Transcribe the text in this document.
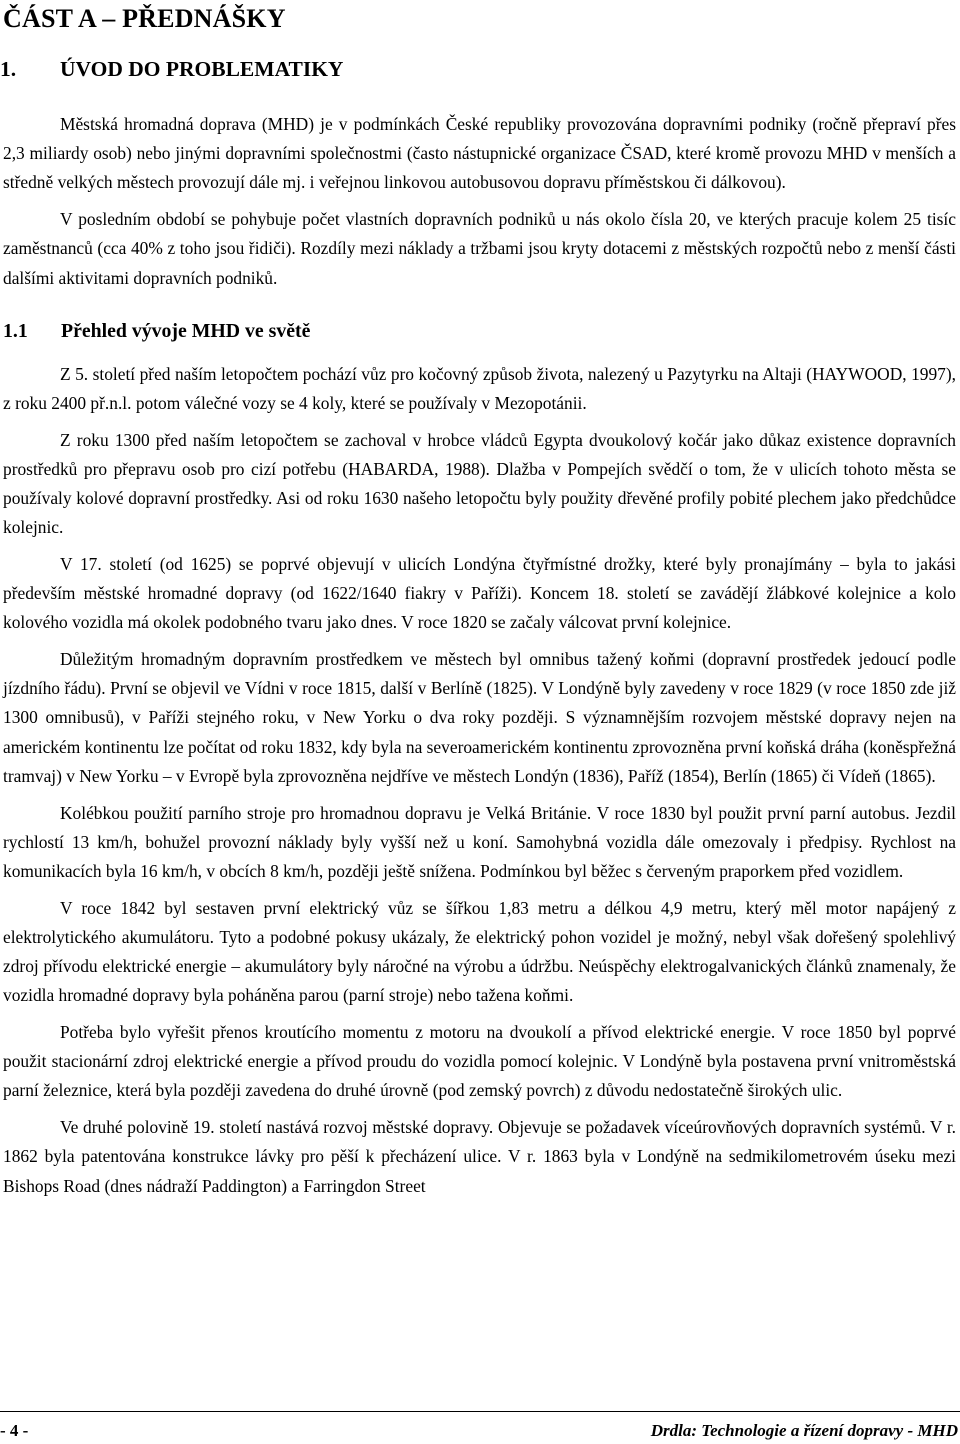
ČÁST A – PŘEDNÁŠKY
1. ÚVOD DO PROBLEMATIKY

Městská hromadná doprava (MHD) je v podmínkách České republiky provozována dopravními podniky (ročně přepraví přes 2,3 miliardy osob) nebo jinými dopravními společnostmi (často nástupnické organizace ČSAD, které kromě provozu MHD v menších a středně velkých městech provozují dále mj. i veřejnou linkovou autobusovou dopravu příměstskou či dálkovou).

V posledním období se pohybuje počet vlastních dopravních podniků u nás okolo čísla 20, ve kterých pracuje kolem 25 tisíc zaměstnanců (cca 40% z toho jsou řidiči). Rozdíly mezi náklady a tržbami jsou kryty dotacemi z městských rozpočtů nebo z menší části dalšími aktivitami dopravních podniků.

1.1 Přehled vývoje MHD ve světě

Z 5. století před naším letopočtem pochází vůz pro kočovný způsob života, nalezený u Pazytyrku na Altaji (HAYWOOD, 1997), z roku 2400 př.n.l. potom válečné vozy se 4 koly, které se používaly v Mezopotánii.

Z roku 1300 před naším letopočtem se zachoval v hrobce vládců Egypta dvoukolový kočár jako důkaz existence dopravních prostředků pro přepravu osob pro cizí potřebu (HABARDA, 1988). Dlažba v Pompejích svědčí o tom, že v ulicích tohoto města se používaly kolové dopravní prostředky. Asi od roku 1630 našeho letopočtu byly použity dřevěné profily pobité plechem jako předchůdce kolejnic.

V 17. století (od 1625) se poprvé objevují v ulicích Londýna čtyřmístné drožky, které byly pronajímány – byla to jakási především městské hromadné dopravy (od 1622/1640 fiakry v Paříži). Koncem 18. století se zavádějí žlábkové kolejnice a kolo kolového vozidla má okolek podobného tvaru jako dnes. V roce 1820 se začaly válcovat první kolejnice.

Důležitým hromadným dopravním prostředkem ve městech byl omnibus tažený koňmi (dopravní prostředek jedoucí podle jízdního řádu). První se objevil ve Vídni v roce 1815, další v Berlíně (1825). V Londýně byly zavedeny v roce 1829 (v roce 1850 zde již 1300 omnibusů), v Paříži stejného roku, v New Yorku o dva roky později. S významnějším rozvojem městské dopravy nejen na americkém kontinentu lze počítat od roku 1832, kdy byla na severoamerickém kontinentu zprovozněna první koňská dráha (koněspřežná tramvaj) v New Yorku – v Evropě byla zprovozněna nejdříve ve městech Londýn (1836), Paříž (1854), Berlín (1865) či Vídeň (1865).

Kolébkou použití parního stroje pro hromadnou dopravu je Velká Británie. V roce 1830 byl použit první parní autobus. Jezdil rychlostí 13 km/h, bohužel provozní náklady byly vyšší než u koní. Samohybná vozidla dále omezovaly i předpisy. Rychlost na komunikacích byla 16 km/h, v obcích 8 km/h, později ještě snížena. Podmínkou byl běžec s červeným praporkem před vozidlem.

V roce 1842 byl sestaven první elektrický vůz se šířkou 1,83 metru a délkou 4,9 metru, který měl motor napájený z elektrolytického akumulátoru. Tyto a podobné pokusy ukázaly, že elektrický pohon vozidel je možný, nebyl však dořešený spolehlivý zdroj přívodu elektrické energie – akumulátory byly náročné na výrobu a údržbu. Neúspěchy elektrogalvanických článků znamenaly, že vozidla hromadné dopravy byla poháněna parou (parní stroje) nebo tažena koňmi.

Potřeba bylo vyřešit přenos kroutícího momentu z motoru na dvoukolí a přívod elektrické energie. V roce 1850 byl poprvé použit stacionární zdroj elektrické energie a přívod proudu do vozidla pomocí kolejnic. V Londýně byla postavena první vnitroměstská parní železnice, která byla později zavedena do druhé úrovně (pod zemský povrch) z důvodu nedostatečně širokých ulic.

Ve druhé polovině 19. století nastává rozvoj městské dopravy. Objevuje se požadavek víceúrovňových dopravních systémů. V r. 1862 byla patentována konstrukce lávky pro pěší k přecházení ulice. V r. 1863 byla v Londýně na sedmikilometrovém úseku mezi Bishops Road (dnes nádraží Paddington) a Farringdon Street

- 4 -	Drdla: Technologie a řízení dopravy - MHD
